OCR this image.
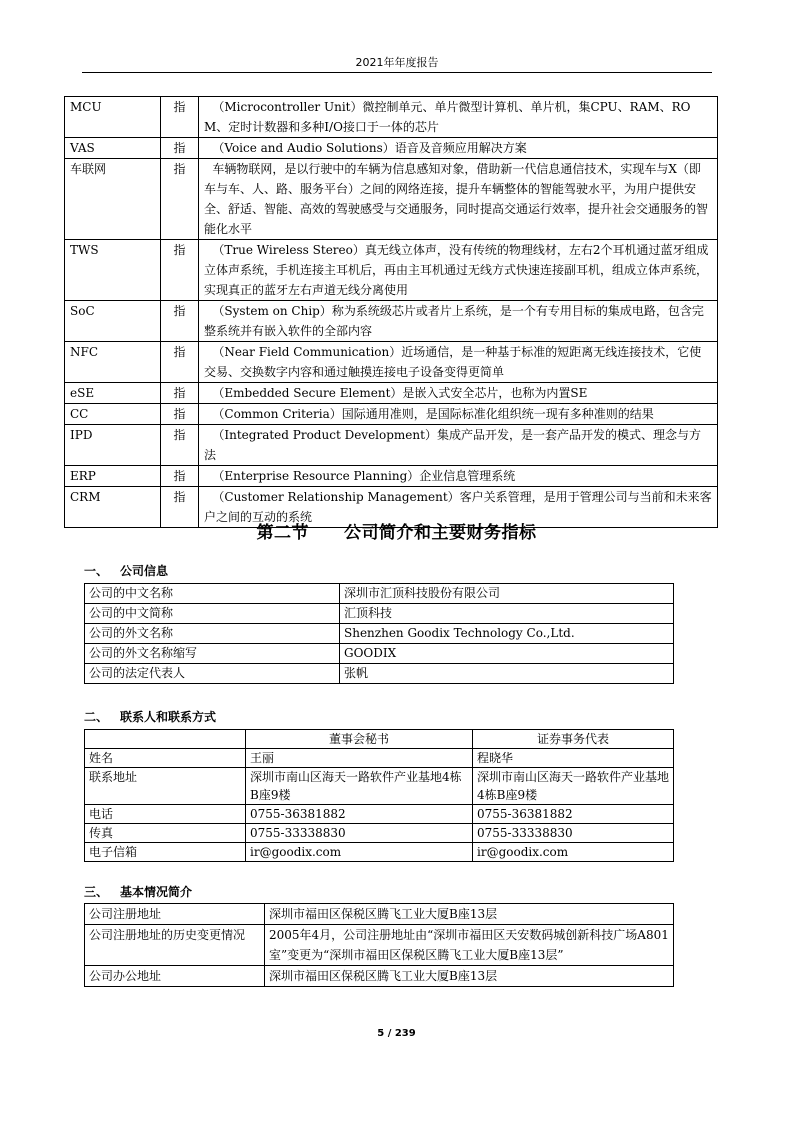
2021年年度报告
MCU	指	（Microcontroller Unit）微控制单元、单片微型计算机、单片机，集CPU、RAM、ROM、定时计数器和多种I/O接口于一体的芯片
VAS	指	（Voice and Audio Solutions）语音及音频应用解决方案
车联网	指	车辆物联网，是以行驶中的车辆为信息感知对象，借助新一代信息通信技术，实现车与X（即车与车、人、路、服务平台）之间的网络连接，提升车辆整体的智能驾驶水平，为用户提供安全、舒适、智能、高效的驾驶感受与交通服务，同时提高交通运行效率，提升社会交通服务的智能化水平
TWS	指	（True Wireless Stereo）真无线立体声，没有传统的物理线材，左右2个耳机通过蓝牙组成立体声系统，手机连接主耳机后，再由主耳机通过无线方式快速连接副耳机，组成立体声系统，实现真正的蓝牙左右声道无线分离使用
SoC	指	（System on Chip）称为系统级芯片或者片上系统，是一个有专用目标的集成电路，包含完整系统并有嵌入软件的全部内容
NFC	指	（Near Field Communication）近场通信，是一种基于标准的短距离无线连接技术，它使交易、交换数字内容和通过触摸连接电子设备变得更简单
eSE	指	（Embedded Secure Element）是嵌入式安全芯片，也称为内置SE
CC	指	（Common Criteria）国际通用准则，是国际标准化组织统一现有多种准则的结果
IPD	指	（Integrated Product Development）集成产品开发，是一套产品开发的模式、理念与方法
ERP	指	（Enterprise Resource Planning）企业信息管理系统
CRM	指	（Customer Relationship Management）客户关系管理，是用于管理公司与当前和未来客户之间的互动的系统
第二节　　公司简介和主要财务指标
一、 公司信息
公司的中文名称	深圳市汇顶科技股份有限公司
公司的中文简称	汇顶科技
公司的外文名称	Shenzhen Goodix Technology Co.,Ltd.
公司的外文名称缩写	GOODIX
公司的法定代表人	张帆
二、 联系人和联系方式
	董事会秘书	证券事务代表
姓名	王丽	程晓华
联系地址	深圳市南山区海天一路软件产业基地4栋B座9楼	深圳市南山区海天一路软件产业基地4栋B座9楼
电话	0755-36381882	0755-36381882
传真	0755-33338830	0755-33338830
电子信箱	ir@goodix.com	ir@goodix.com
三、 基本情况简介
公司注册地址	深圳市福田区保税区腾飞工业大厦B座13层
公司注册地址的历史变更情况	2005年4月，公司注册地址由“深圳市福田区天安数码城创新科技广场A801室”变更为“深圳市福田区保税区腾飞工业大厦B座13层”
公司办公地址	深圳市福田区保税区腾飞工业大厦B座13层
5 / 239
